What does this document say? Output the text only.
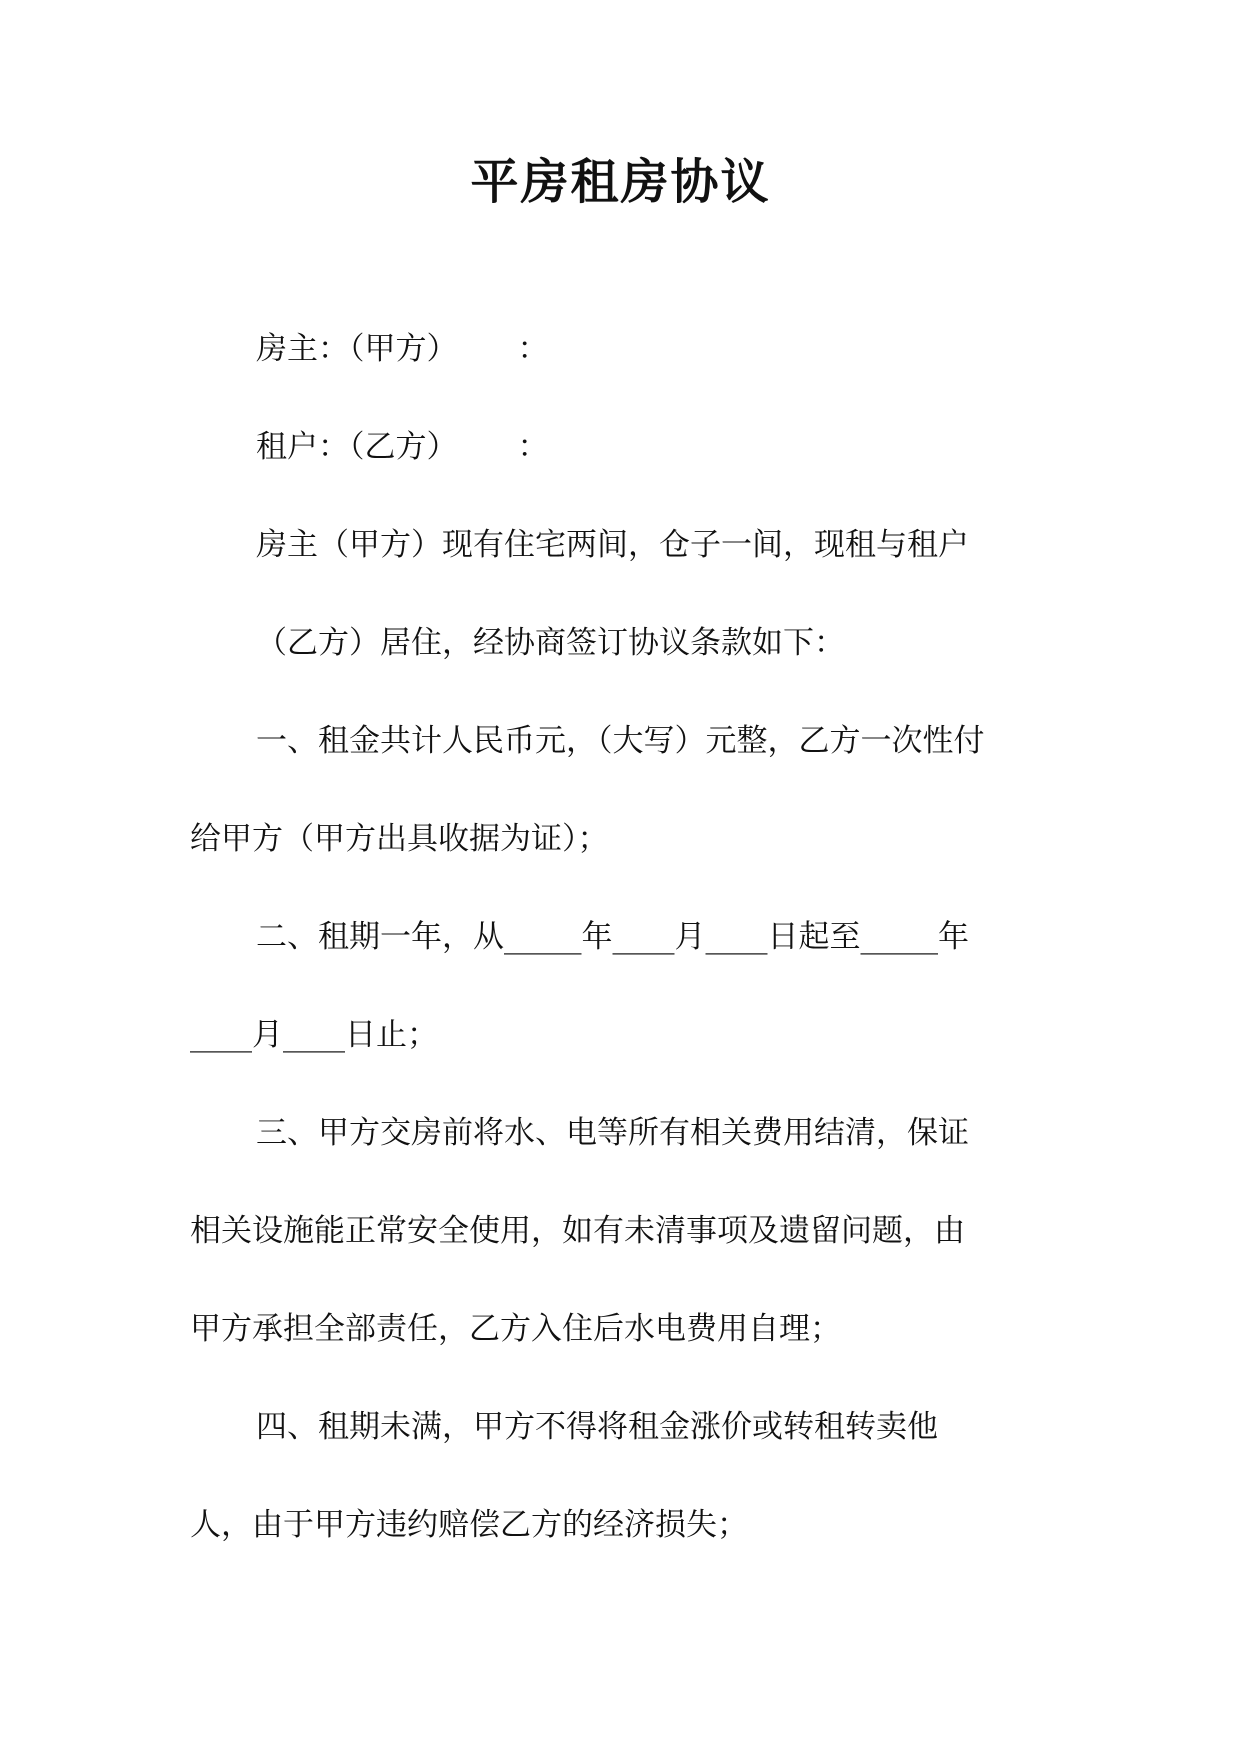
平房租房协议

房主：（甲方） ：

租户：（乙方） ：

房主（甲方）现有住宅两间，仓子一间，现租与租户

（乙方）居住，经协商签订协议条款如下：

一、租金共计人民币元，（大写）元整，乙方一次性付

给甲方（甲方出具收据为证）；

二、租期一年，从_____年____月____日起至_____年

____月____日止；

三、甲方交房前将水、电等所有相关费用结清，保证

相关设施能正常安全使用，如有未清事项及遗留问题，由

甲方承担全部责任，乙方入住后水电费用自理；

四、租期未满，甲方不得将租金涨价或转租转卖他

人，由于甲方违约赔偿乙方的经济损失；
